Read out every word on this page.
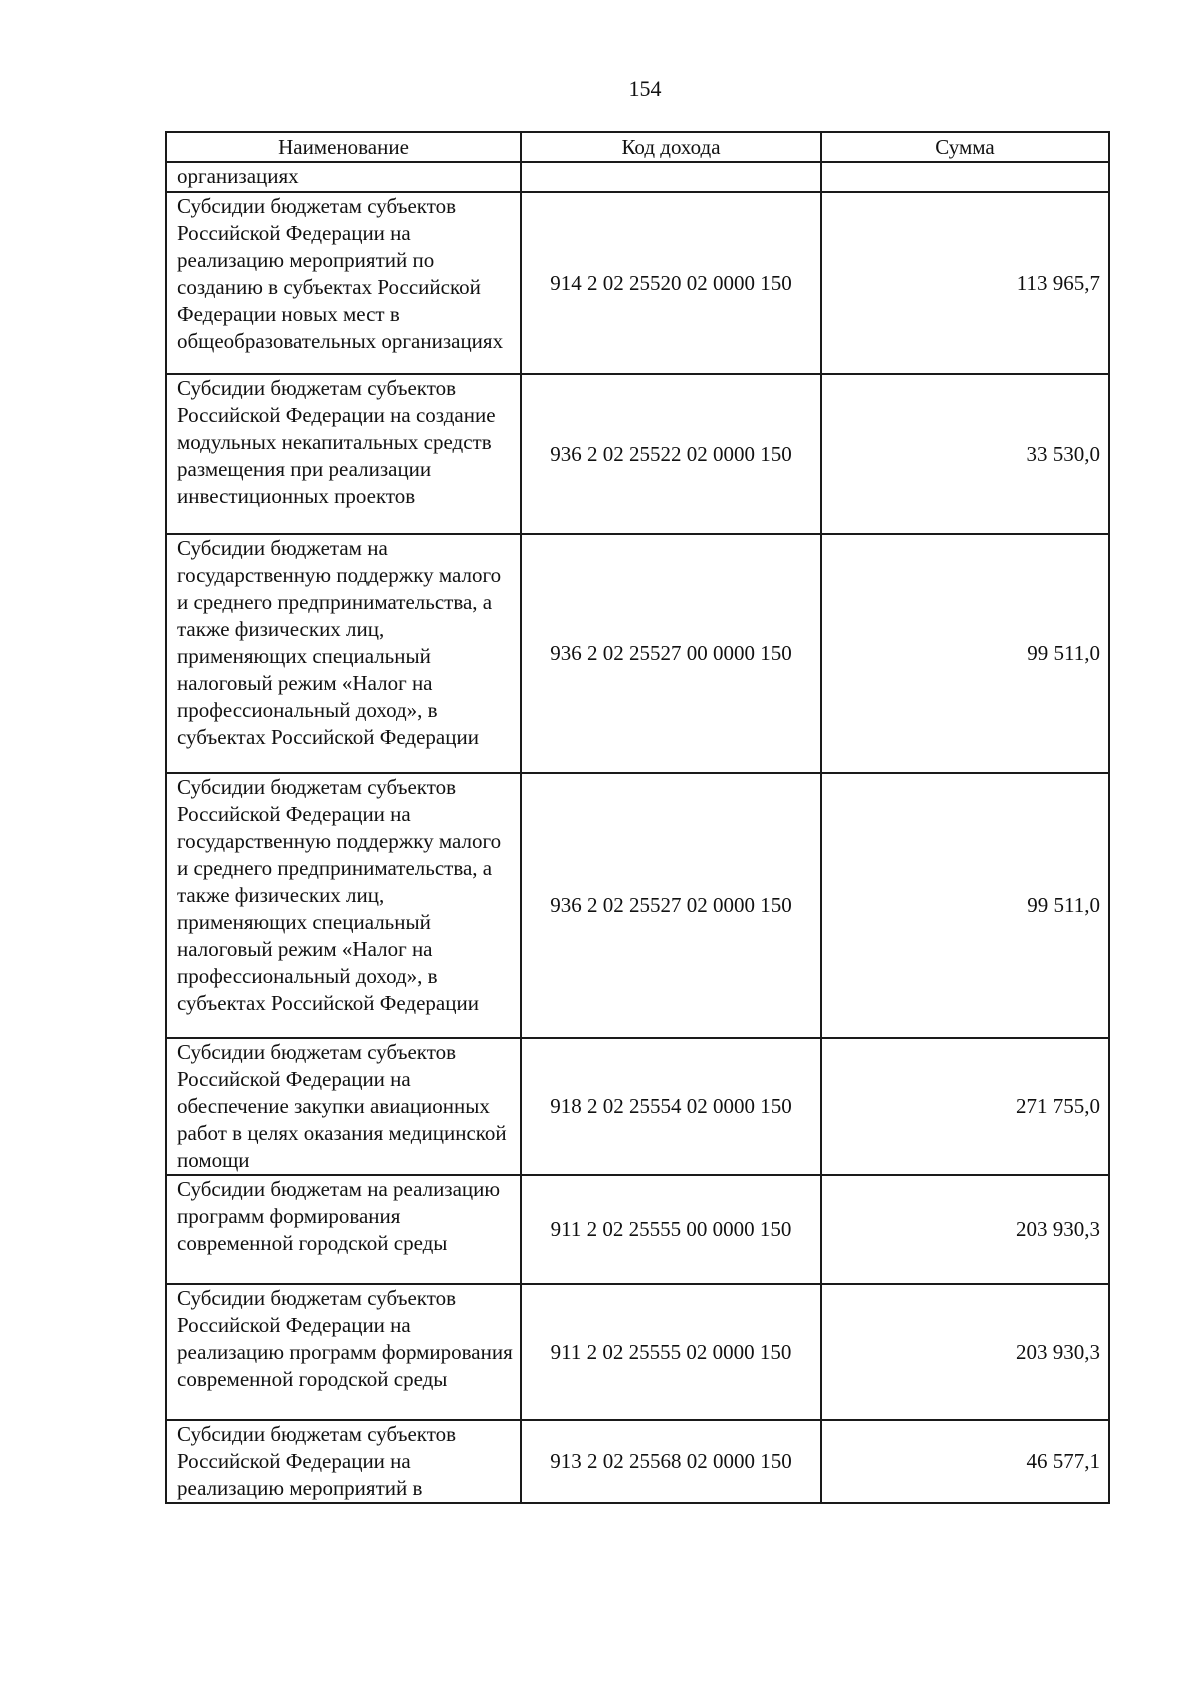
154
Наименование	Код дохода	Сумма
организациях		
Субсидии бюджетам субъектов Российской Федерации на реализацию мероприятий по созданию в субъектах Российской Федерации новых мест в общеобразовательных организациях	914 2 02 25520 02 0000 150	113 965,7
Субсидии бюджетам субъектов Российской Федерации на создание модульных некапитальных средств размещения при реализации инвестиционных проектов	936 2 02 25522 02 0000 150	33 530,0
Субсидии бюджетам на государственную поддержку малого и среднего предпринимательства, а также физических лиц, применяющих специальный налоговый режим «Налог на профессиональный доход», в субъектах Российской Федерации	936 2 02 25527 00 0000 150	99 511,0
Субсидии бюджетам субъектов Российской Федерации на государственную поддержку малого и среднего предпринимательства, а также физических лиц, применяющих специальный налоговый режим «Налог на профессиональный доход», в субъектах Российской Федерации	936 2 02 25527 02 0000 150	99 511,0
Субсидии бюджетам субъектов Российской Федерации на обеспечение закупки авиационных работ в целях оказания медицинской помощи	918 2 02 25554 02 0000 150	271 755,0
Субсидии бюджетам на реализацию программ формирования современной городской среды	911 2 02 25555 00 0000 150	203 930,3
Субсидии бюджетам субъектов Российской Федерации на реализацию программ формирования современной городской среды	911 2 02 25555 02 0000 150	203 930,3
Субсидии бюджетам субъектов Российской Федерации на реализацию мероприятий в	913 2 02 25568 02 0000 150	46 577,1
